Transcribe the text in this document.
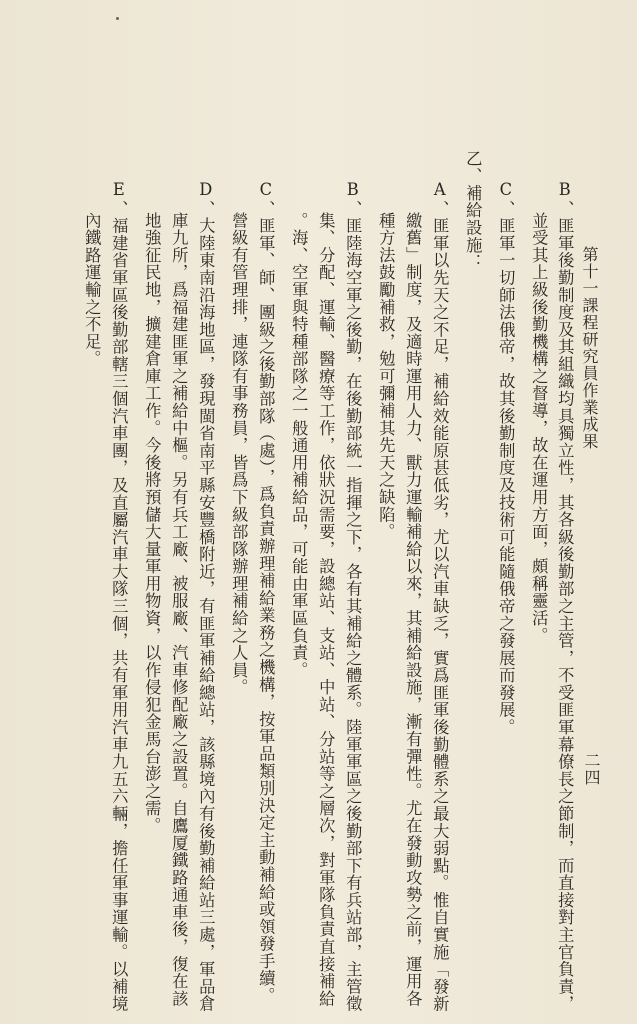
二四
第十一課程研究員作業成果
B、匪軍後勤制度及其組織均具獨立性，其各級後勤部之主管，不受匪軍幕僚長之節制，而直接對主官負責，
並受其上級後勤機構之督導，故在運用方面，頗稱靈活。
C、匪軍一切師法俄帝，故其後勤制度及技術可能隨俄帝之發展而發展。
乙、補給設施：
A、匪軍以先天之不足，補給效能原甚低劣，尤以汽車缺乏，實爲匪軍後勤體系之最大弱點。惟自實施「發新
繳舊」制度，及適時運用人力、獸力運輸補給以來，其補給設施，漸有彈性。尤在發動攻勢之前，運用各
種方法鼓勵補救，勉可彌補其先天之缺陷。
B、匪陸海空軍之後勤，在後勤部統一指揮之下，各有其補給之體系。陸軍軍區之後勤部下有兵站部，主管徵
集、分配、運輸、醫療等工作，依狀況需要，設總站、支站、中站、分站等之層次，對軍隊負責直接補給
。海、空軍與特種部隊之一般通用補給品，可能由軍區負責。
C、匪軍、師、團級之後勤部隊（處），爲負責辦理補給業務之機構，按軍品類別決定主動補給或領發手續。
營級有管理排，連隊有事務員，皆爲下級部隊辦理補給之人員。
D、大陸東南沿海地區，發現閩省南平縣安豐橋附近，有匪軍補給總站，該縣境內有後勤補給站三處，軍品倉
庫九所，爲福建匪軍之補給中樞。另有兵工廠、被服廠、汽車修配廠之設置。自鷹厦鐵路通車後，復在該
地強征民地，擴建倉庫工作。今後將預儲大量軍用物資，以作侵犯金馬台澎之需。
E、福建省軍區後勤部轄三個汽車團，及直屬汽車大隊三個，共有軍用汽車九五六輛，擔任軍事運輸。以補境
內鐵路運輸之不足。
